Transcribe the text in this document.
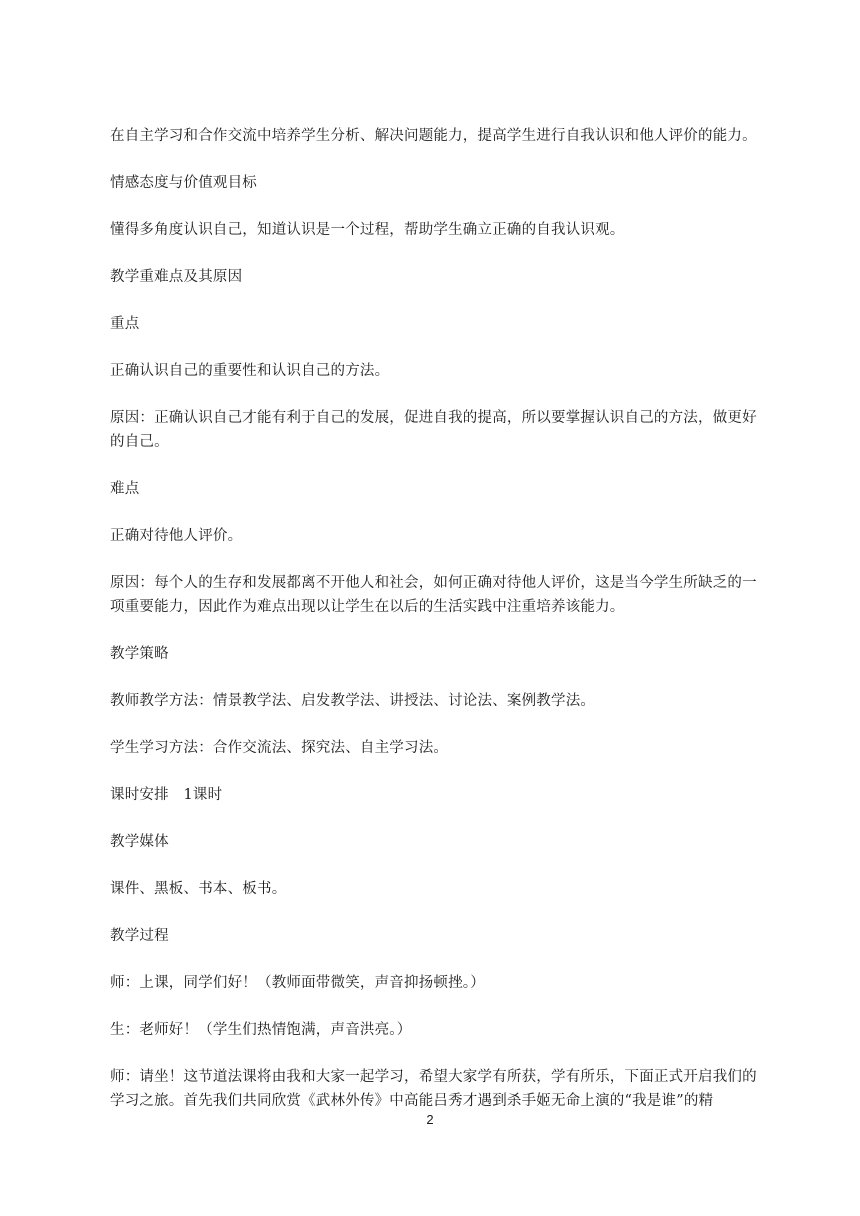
在自主学习和合作交流中培养学生分析、解决问题能力，提高学生进行自我认识和他人评价的能力。

情感态度与价值观目标

懂得多角度认识自己，知道认识是一个过程，帮助学生确立正确的自我认识观。

教学重难点及其原因

重点

正确认识自己的重要性和认识自己的方法。

原因：正确认识自己才能有利于自己的发展，促进自我的提高，所以要掌握认识自己的方法，做更好的自己。

难点

正确对待他人评价。

原因：每个人的生存和发展都离不开他人和社会，如何正确对待他人评价，这是当今学生所缺乏的一项重要能力，因此作为难点出现以让学生在以后的生活实践中注重培养该能力。

教学策略

教师教学方法：情景教学法、启发教学法、讲授法、讨论法、案例教学法。

学生学习方法：合作交流法、探究法、自主学习法。

课时安排　1课时

教学媒体

课件、黑板、书本、板书。

教学过程

师：上课，同学们好！（教师面带微笑，声音抑扬顿挫。）

生：老师好！（学生们热情饱满，声音洪亮。）

师：请坐！这节道法课将由我和大家一起学习，希望大家学有所获，学有所乐，下面正式开启我们的学习之旅。首先我们共同欣赏《武林外传》中高能吕秀才遇到杀手姬无命上演的“我是谁”的精

2
